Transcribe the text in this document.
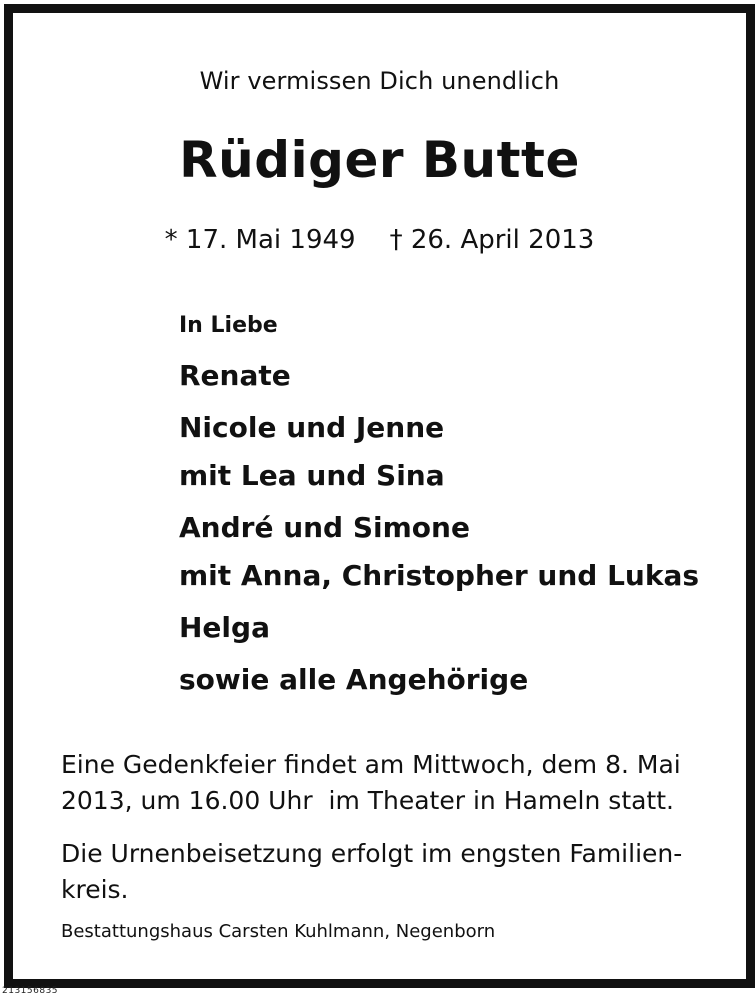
Wir vermissen Dich unendlich
Rüdiger Butte
* 17. Mai 1949 † 26. April 2013
In Liebe
Renate
Nicole und Jenne
mit Lea und Sina
André und Simone
mit Anna, Christopher und Lukas
Helga
sowie alle Angehörige
Eine Gedenkfeier findet am Mittwoch, dem 8. Mai
2013, um 16.00 Uhr  im Theater in Hameln statt.
Die Urnenbeisetzung erfolgt im engsten Familien-
kreis.
Bestattungshaus Carsten Kuhlmann, Negenborn
213156835
